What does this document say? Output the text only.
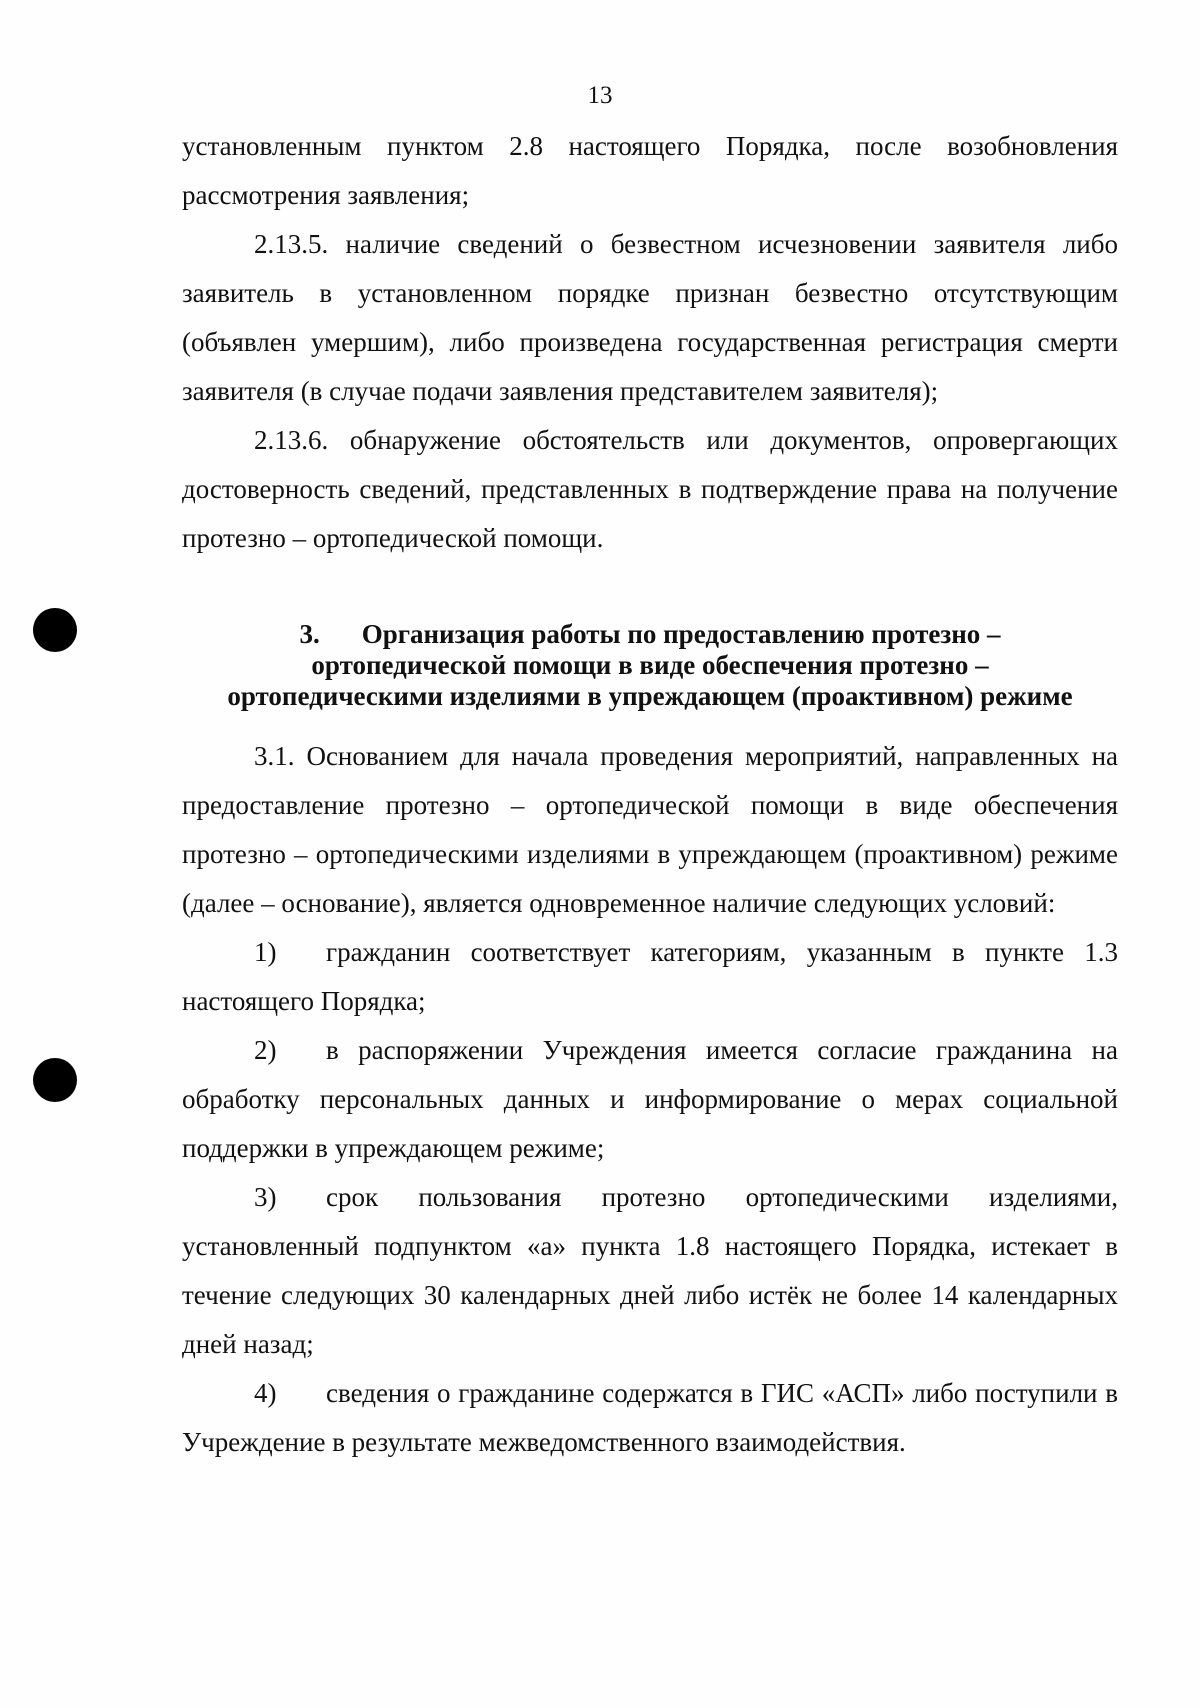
13

установленным пунктом 2.8 настоящего Порядка, после возобновления рассмотрения заявления;

2.13.5. наличие сведений о безвестном исчезновении заявителя либо заявитель в установленном порядке признан безвестно отсутствующим (объявлен умершим), либо произведена государственная регистрация смерти заявителя (в случае подачи заявления представителем заявителя);

2.13.6. обнаружение обстоятельств или документов, опровергающих достоверность сведений, представленных в подтверждение права на получение протезно – ортопедической помощи.

3. Организация работы по предоставлению протезно – ортопедической помощи в виде обеспечения протезно – ортопедическими изделиями в упреждающем (проактивном) режиме

3.1. Основанием для начала проведения мероприятий, направленных на предоставление протезно – ортопедической помощи в виде обеспечения протезно – ортопедическими изделиями в упреждающем (проактивном) режиме (далее – основание), является одновременное наличие следующих условий:

1) гражданин соответствует категориям, указанным в пункте 1.3 настоящего Порядка;

2) в распоряжении Учреждения имеется согласие гражданина на обработку персональных данных и информирование о мерах социальной поддержки в упреждающем режиме;

3) срок пользования протезно ортопедическими изделиями, установленный подпунктом «а» пункта 1.8 настоящего Порядка, истекает в течение следующих 30 календарных дней либо истёк не более 14 календарных дней назад;

4) сведения о гражданине содержатся в ГИС «АСП» либо поступили в Учреждение в результате межведомственного взаимодействия.
